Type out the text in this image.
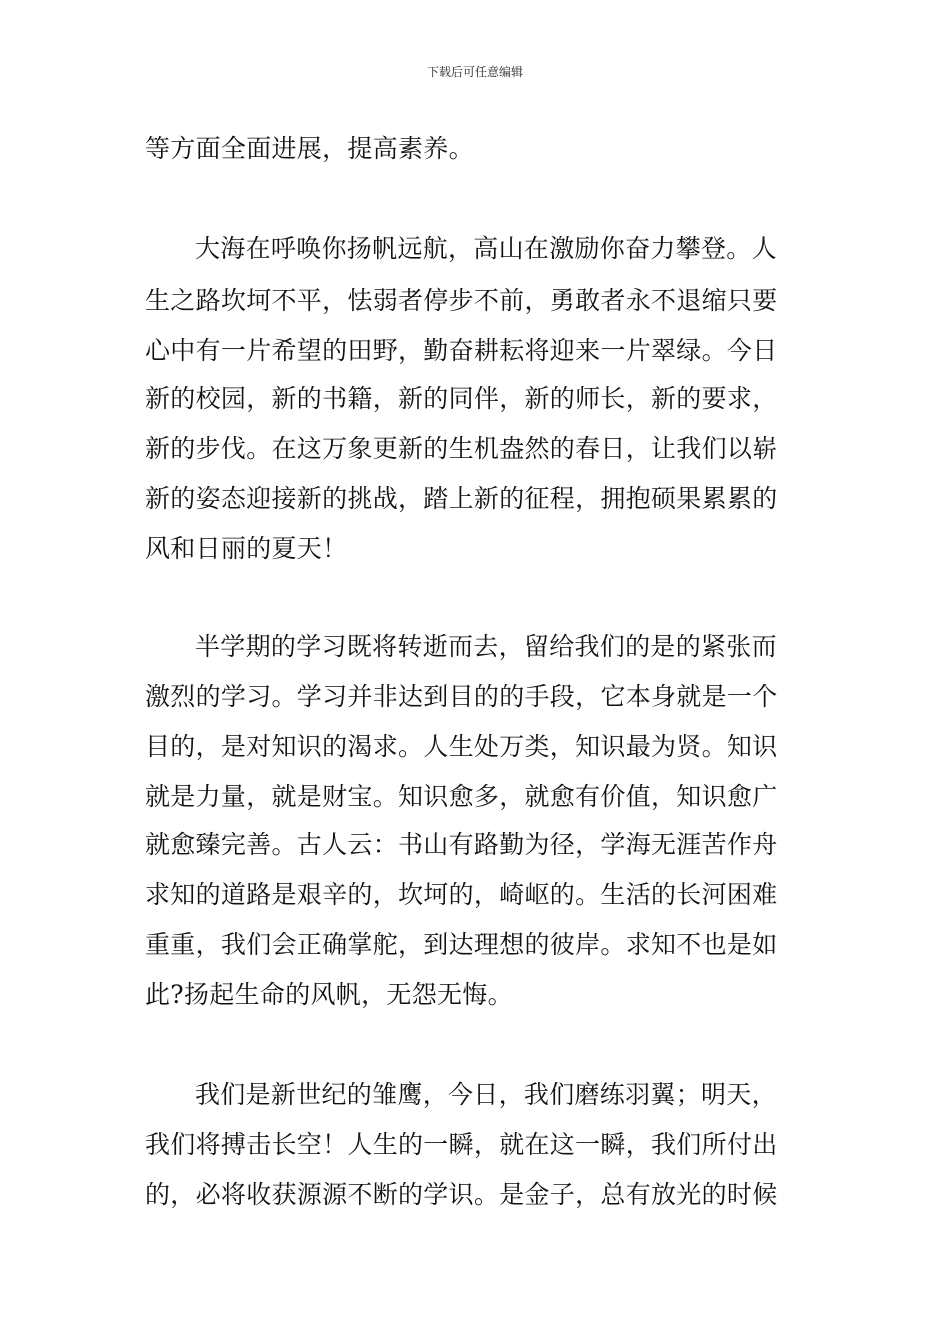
下载后可任意编辑
等方面全面进展，提高素养。
大海在呼唤你扬帆远航，高山在激励你奋力攀登。人
生之路坎坷不平，怯弱者停步不前，勇敢者永不退缩只要
心中有一片希望的田野，勤奋耕耘将迎来一片翠绿。今日
新的校园，新的书籍，新的同伴，新的师长，新的要求，
新的步伐。在这万象更新的生机盎然的春日，让我们以崭
新的姿态迎接新的挑战，踏上新的征程，拥抱硕果累累的
风和日丽的夏天！
半学期的学习既将转逝而去，留给我们的是的紧张而
激烈的学习。学习并非达到目的的手段，它本身就是一个
目的，是对知识的渴求。人生处万类，知识最为贤。知识
就是力量，就是财宝。知识愈多，就愈有价值，知识愈广
就愈臻完善。古人云：书山有路勤为径，学海无涯苦作舟
求知的道路是艰辛的，坎坷的，崎岖的。生活的长河困难
重重，我们会正确掌舵，到达理想的彼岸。求知不也是如
此?扬起生命的风帆，无怨无悔。
我们是新世纪的雏鹰，今日，我们磨练羽翼；明天，
我们将搏击长空！人生的一瞬，就在这一瞬，我们所付出
的，必将收获源源不断的学识。是金子，总有放光的时候
